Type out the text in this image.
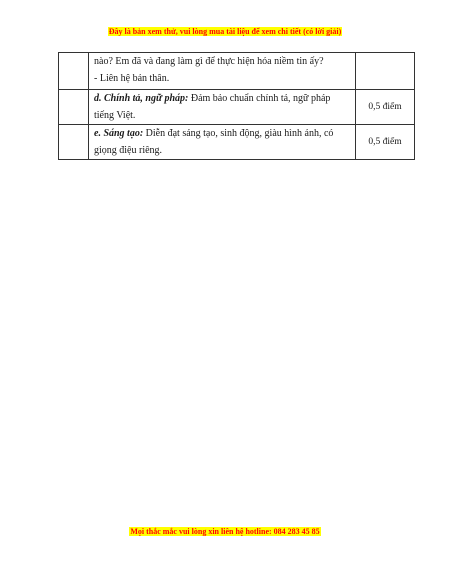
Đây là bản xem thử, vui lòng mua tài liệu để xem chi tiết (có lời giải)

	nào? Em đã và đang làm gì để thực hiện hóa niềm tin ấy?
- Liên hệ bản thân.	

	d. Chính tả, ngữ pháp: Đảm bảo chuẩn chính tả, ngữ pháp tiếng Việt.	0,5 điểm
	e. Sáng tạo: Diễn đạt sáng tạo, sinh động, giàu hình ảnh, có giọng điệu riêng.	0,5 điểm
Mọi thắc mắc vui lòng xin liên hệ hotline: 084 283 45 85
